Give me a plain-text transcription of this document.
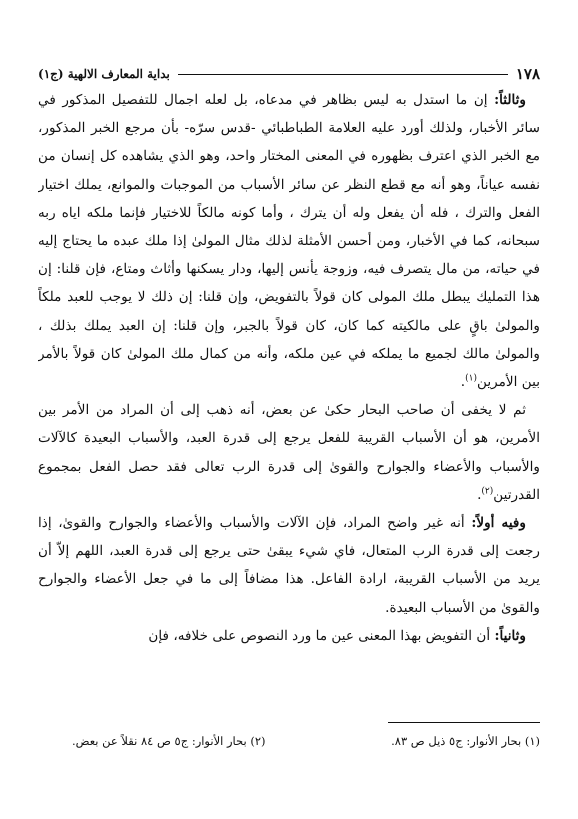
١٧٨
بداية المعارف الالهية (ج١)

وثالثاً: إن ما استدل به ليس بظاهر في مدعاه، بل لعله اجمال للتفصيل المذكور في سائر الأخبار، ولذلك أورد عليه العلامة الطباطبائي -قدس سرّه- بأن مرجع الخبر المذكور، مع الخبر الذي اعترف بظهوره في المعنى المختار واحد، وهو الذي يشاهده كل إنسان من نفسه عياناً، وهو أنه مع قطع النظر عن سائر الأسباب من الموجبات والموانع، يملك اختيار الفعل والترك ، فله أن يفعل وله أن يترك ، وأما كونه مالكاً للاختيار فإنما ملكه اياه ربه سبحانه، كما في الأخبار، ومن أحسن الأمثلة لذلك مثال المولىٰ إذا ملك عبده ما يحتاج إليه في حياته، من مال يتصرف فيه، وزوجة يأنس إليها، ودار يسكنها وأثاث ومتاع، فإن قلنا: إن هذا التمليك يبطل ملك المولى كان قولاً بالتفويض، وإن قلنا: إن ذلك لا يوجب للعبد ملكاً والمولىٰ باقٍ على مالكيته كما كان، كان قولاً بالجبر، وإن قلنا: إن العبد يملك بذلك ، والمولىٰ مالك لجميع ما يملكه في عين ملكه، وأنه من كمال ملك المولىٰ كان قولاً بالأمر بين الأمرين$^{(١)}$.

ثم لا يخفى أن صاحب البحار حكىٰ عن بعض، أنه ذهب إلى أن المراد من الأمر بين الأمرين، هو أن الأسباب القريبة للفعل يرجع إلى قدرة العبد، والأسباب البعيدة كالآلات والأسباب والأعضاء والجوارح والقوىٰ إلى قدرة الرب تعالى فقد حصل الفعل بمجموع القدرتين$^{(٢)}$.

وفيه أولاً: أنه غير واضح المراد، فإن الآلات والأسباب والأعضاء والجوارح والقوىٰ، إذا رجعت إلى قدرة الرب المتعال، فاي شيء يبقىٰ حتى يرجع إلى قدرة العبد، اللهم إلاّ أن يريد من الأسباب القريبة، ارادة الفاعل. هذا مضافاً إلى ما في جعل الأعضاء والجوارح والقوىٰ من الأسباب البعيدة.

وثانياً: أن التفويض بهذا المعنى عين ما ورد النصوص على خلافه، فإن

(١) بحار الأنوار: ج٥ ذيل ص ٨٣.
(٢) بحار الأنوار: ج٥ ص ٨٤ نقلاً عن بعض.
